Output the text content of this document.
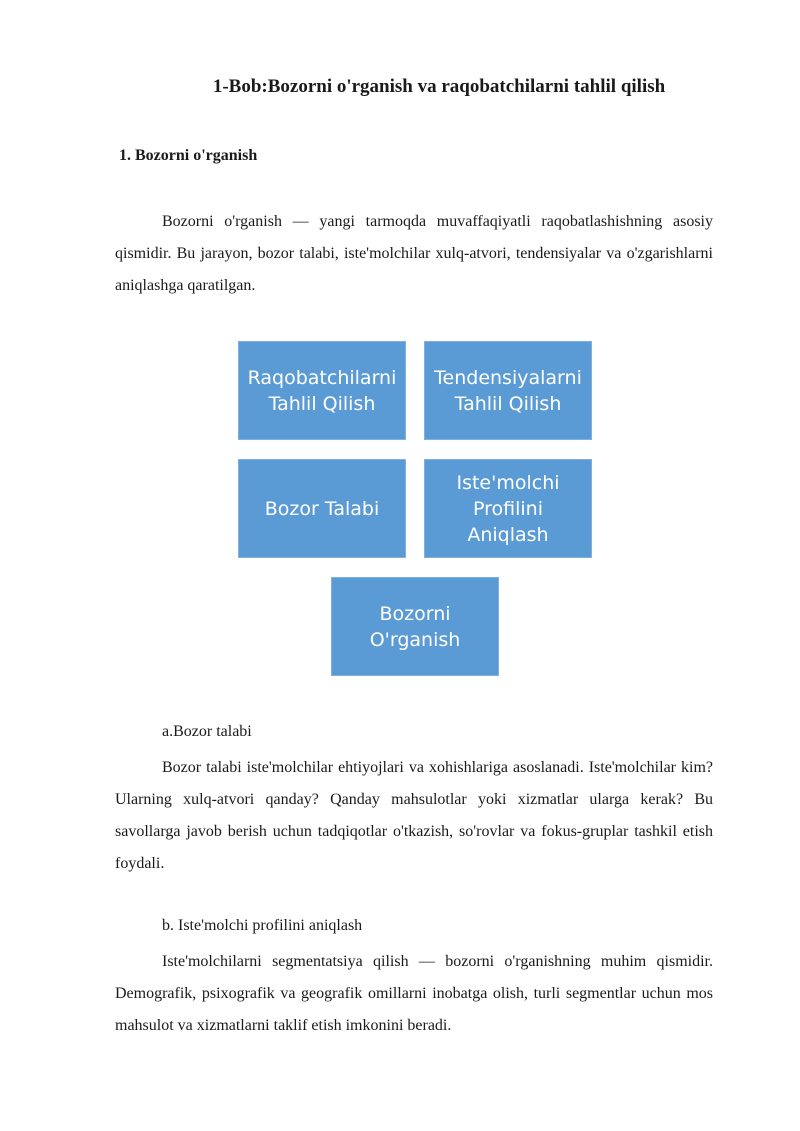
1-Bob:Bozorni o'rganish va raqobatchilarni tahlil qilish
1. Bozorni o'rganish

Bozorni o'rganish — yangi tarmoqda muvaffaqiyatli raqobatlashishning asosiy qismidir. Bu jarayon, bozor talabi, iste'molchilar xulq-atvori, tendensiyalar va o'zgarishlarni aniqlashga qaratilgan.

Raqobatchilarni
Tahlil Qilish
Tendensiyalarni
Tahlil Qilish
Bozor Talabi
Iste'molchi
Profilini
Aniqlash
Bozorni
O'rganish

a.Bozor talabi

Bozor talabi iste'molchilar ehtiyojlari va xohishlariga asoslanadi. Iste'molchilar kim? Ularning xulq-atvori qanday? Qanday mahsulotlar yoki xizmatlar ularga kerak? Bu savollarga javob berish uchun tadqiqotlar o'tkazish, so'rovlar va fokus-gruplar tashkil etish foydali.

b. Iste'molchi profilini aniqlash

Iste'molchilarni segmentatsiya qilish — bozorni o'rganishning muhim qismidir. Demografik, psixografik va geografik omillarni inobatga olish, turli segmentlar uchun mos mahsulot va xizmatlarni taklif etish imkonini beradi.
